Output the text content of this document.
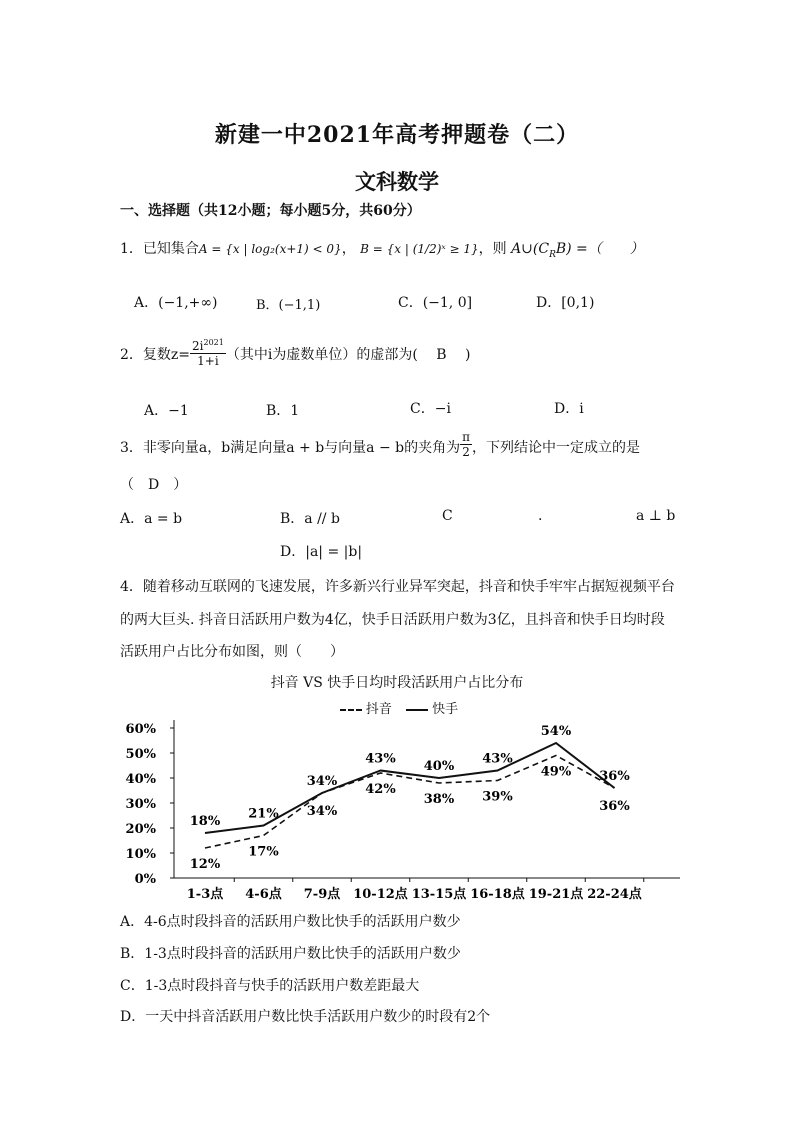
新建一中2021年高考押题卷（二）
文科数学
一、选择题（共12小题；每小题5分，共60分）
1．已知集合A = {x | log₂(x+1) < 0}， B = {x | (1/2)ˣ ≥ 1}，则 $A\cup(C_RB)$ =（　　）
A．(−1,+∞)	B．(−1,1)	C．(−1, 0]	D．[0,1)
2．复数$z= \frac{2i^{2021}}{1+i}$ （其中i为虚数单位）的虚部为(　 B　 )
A．−1	B．1	C．−i	D．i
3．非零向量a，b满足向量a + b与向量a − b的夹角为 $\frac{\pi}{2}$ ，下列结论中一定成立的是
（　D　）
A．a = b	B．a // b	C	.	a ⊥ b
D．|a| = |b|
4．随着移动互联网的飞速发展，许多新兴行业异军突起，抖音和快手牢牢占据短视频平台
的两大巨头. 抖音日活跃用户数为4亿，快手日活跃用户数为3亿，且抖音和快手日均时段
活跃用户占比分布如图，则（　　）
抖音 VS 快手日均时段活跃用户占比分布
抖音	快手
0%
10%
20%
30%
40%
50%
60%
1-3点 4-6点 7-9点 10-12点 13-15点 16-18点 19-21点 22-24点
18%
12%
21%
17%
34%
34%
43%
42%
40%
38%
43%
39%
54%
49% 36%
36%
A．4-6点时段抖音的活跃用户数比快手的活跃用户数少
B．1-3点时段抖音的活跃用户数比快手的活跃用户数少
C．1-3点时段抖音与快手的活跃用户数差距最大
D．一天中抖音活跃用户数比快手活跃用户数少的时段有2个
